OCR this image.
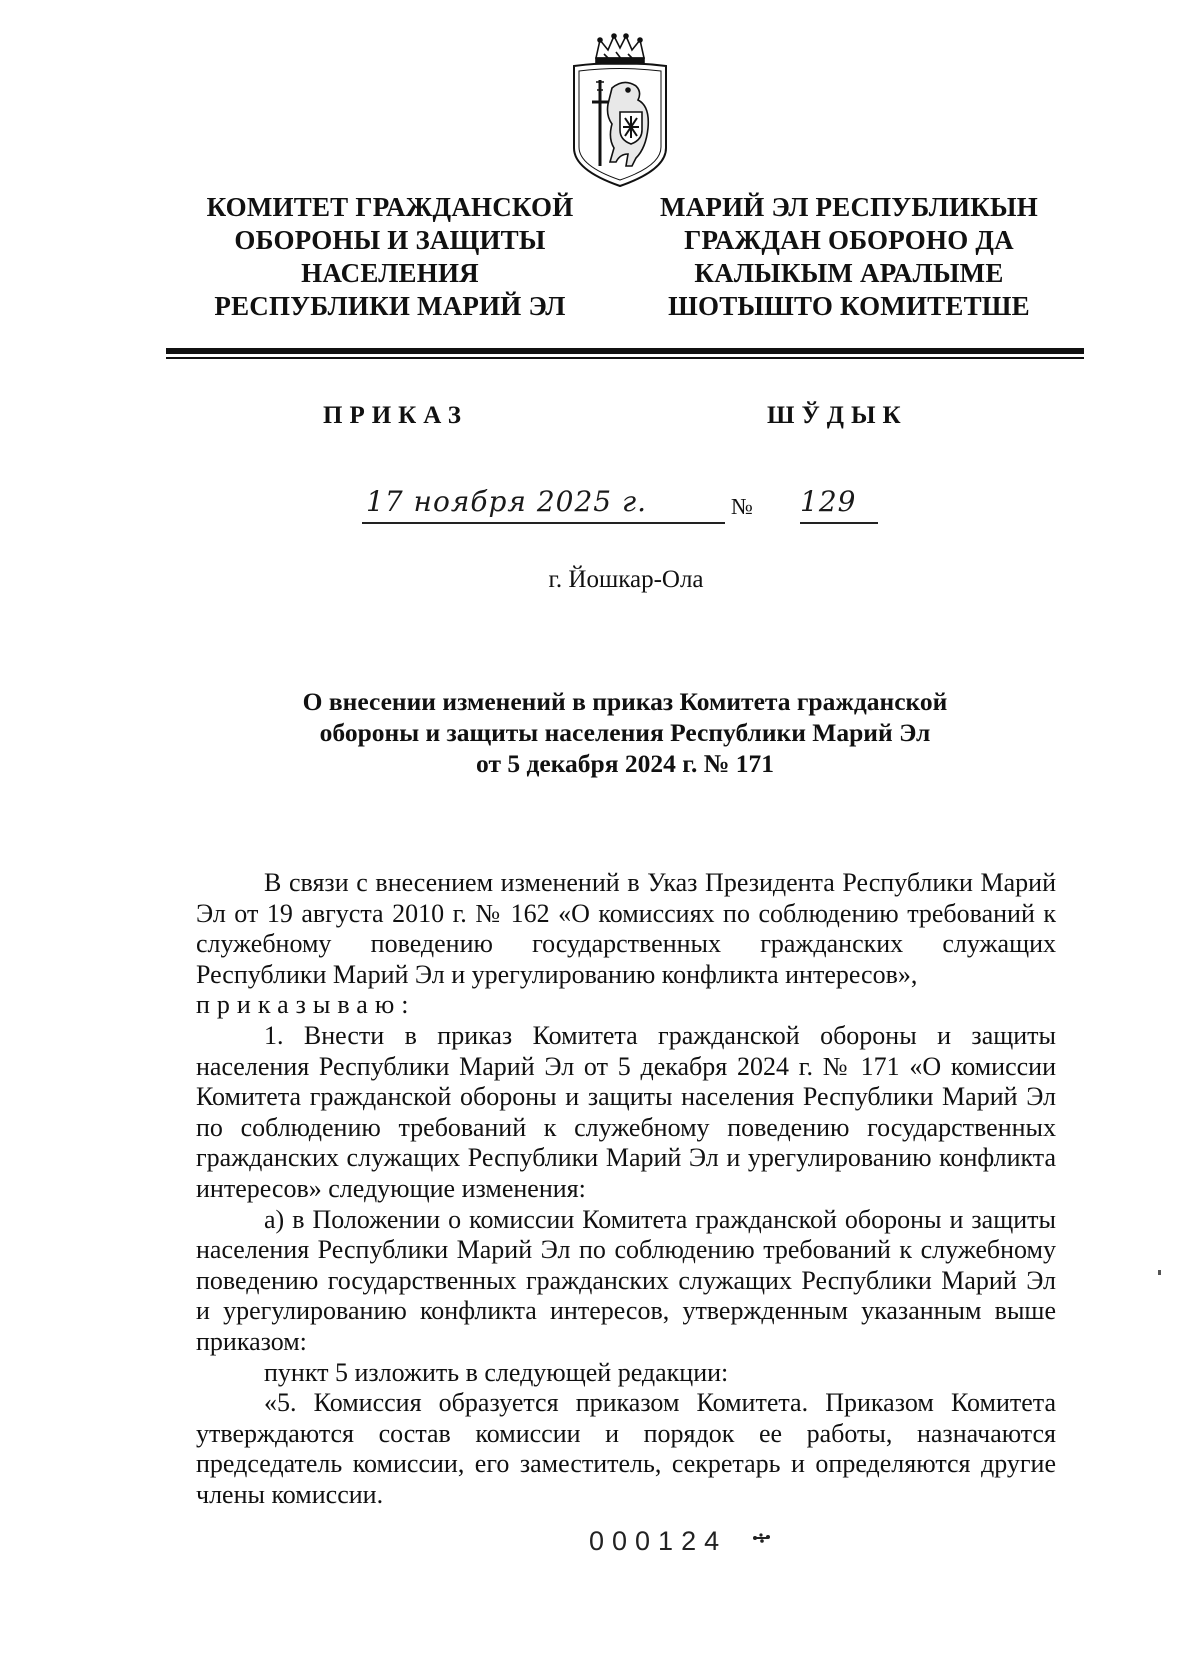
КОМИТЕТ ГРАЖДАНСКОЙ
ОБОРОНЫ И ЗАЩИТЫ
НАСЕЛЕНИЯ
РЕСПУБЛИКИ МАРИЙ ЭЛ
МАРИЙ ЭЛ РЕСПУБЛИКЫН
ГРАЖДАН ОБОРОНО ДА
КАЛЫКЫМ АРАЛЫМЕ
ШОТЫШТО КОМИТЕТШЕ
ПРИКАЗ	ШЎДЫК
17 ноября 2025 г.	№ 129
г. Йошкар-Ола
О внесении изменений в приказ Комитета гражданской
обороны и защиты населения Республики Марий Эл
от 5 декабря 2024 г. № 171

В связи с внесением изменений в Указ Президента Республики Марий Эл от 19 августа 2010 г. № 162 «О комиссиях по соблюдению требований к служебному поведению государственных гражданских служащих Республики Марий Эл и урегулированию конфликта интересов»,

приказываю:

1. Внести в приказ Комитета гражданской обороны и защиты населения Республики Марий Эл от 5 декабря 2024 г. № 171 «О комиссии Комитета гражданской обороны и защиты населения Республики Марий Эл по соблюдению требований к служебному поведению государственных гражданских служащих Республики Марий Эл и урегулированию конфликта интересов» следующие изменения:

а) в Положении о комиссии Комитета гражданской обороны и защиты населения Республики Марий Эл по соблюдению требований к служебному поведению государственных гражданских служащих Республики Марий Эл и урегулированию конфликта интересов, утвержденным указанным выше приказом:

пункт 5 изложить в следующей редакции:

«5. Комиссия образуется приказом Комитета. Приказом Комитета утверждаются состав комиссии и порядок ее работы, назначаются председатель комиссии, его заместитель, секретарь и определяются другие члены комиссии.

000124
